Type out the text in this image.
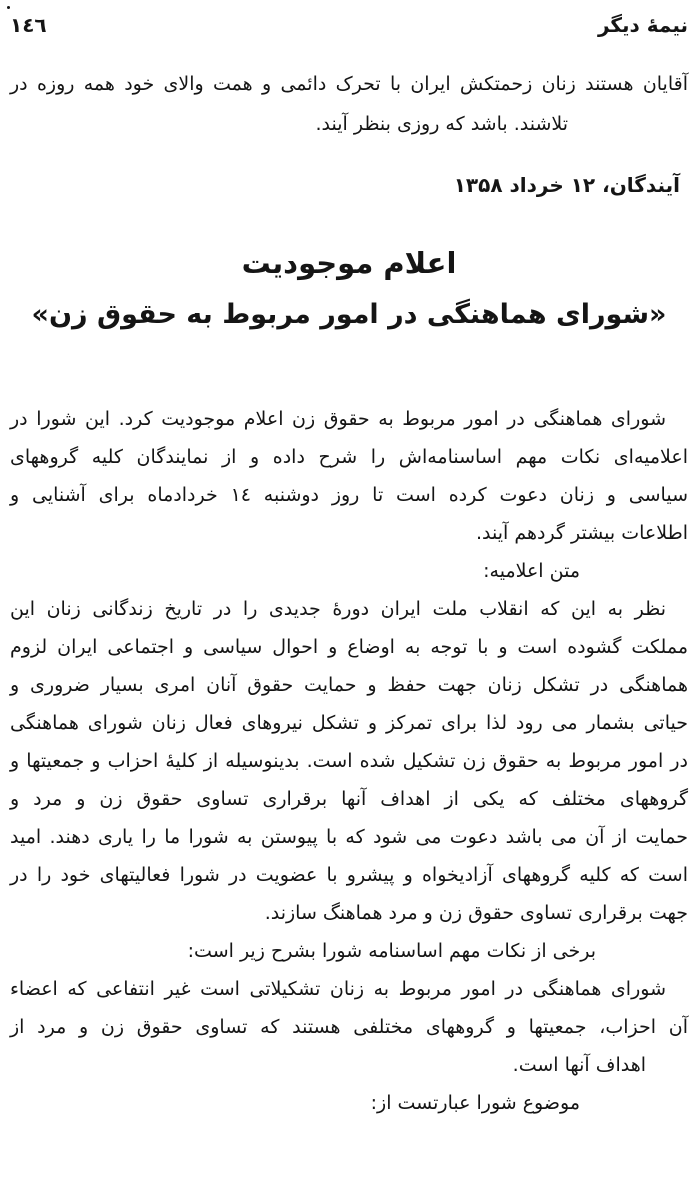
نیمهٔ دیگر
١٤٦
آقایان هستند زنان زحمتکش ایران با تحرک دائمی و همت والای خود همه روزه در
تلاشند. باشد که روزی بنظر آیند.
آیندگان، ۱۲ خرداد ۱۳۵۸
اعلام موجودیت
«شورای هماهنگی در امور مربوط به حقوق زن»
شورای هماهنگی در امور مربوط به حقوق زن اعلام موجودیت کرد. این شورا در
اعلامیه‌ای نکات مهم اساسنامه‌اش را شرح داده و از نمایندگان کلیه گروههای
سیاسی و زنان دعوت کرده است تا روز دوشنبه ١٤ خردادماه برای آشنایی و
اطلاعات بیشتر گردهم آیند.
متن اعلامیه:
نظر به این که انقلاب ملت ایران دورهٔ جدیدی را در تاریخ زندگانی زنان این
مملکت گشوده است و با توجه به اوضاع و احوال سیاسی و اجتماعی ایران لزوم
هماهنگی در تشکل زنان جهت حفظ و حمایت حقوق آنان امری بسیار ضروری و
حیاتی بشمار می رود لذا برای تمرکز و تشکل نیروهای فعال زنان شورای هماهنگی
در امور مربوط به حقوق زن تشکیل شده است. بدینوسیله از کلیهٔ احزاب و جمعیتها و
گروههای مختلف که یکی از اهداف آنها برقراری تساوی حقوق زن و مرد و
حمایت از آن می باشد دعوت می شود که با پیوستن به شورا ما را یاری دهند. امید
است که کلیه گروههای آزادیخواه و پیشرو با عضویت در شورا فعالیتهای خود را در
جهت برقراری تساوی حقوق زن و مرد هماهنگ سازند.
برخی از نکات مهم اساسنامه شورا بشرح زیر است:
شورای هماهنگی در امور مربوط به زنان تشکیلاتی است غیر انتفاعی که اعضاء
آن احزاب، جمعیتها و گروههای مختلفی هستند که تساوی حقوق زن و مرد از
اهداف آنها است.
موضوع شورا عبارتست از:
